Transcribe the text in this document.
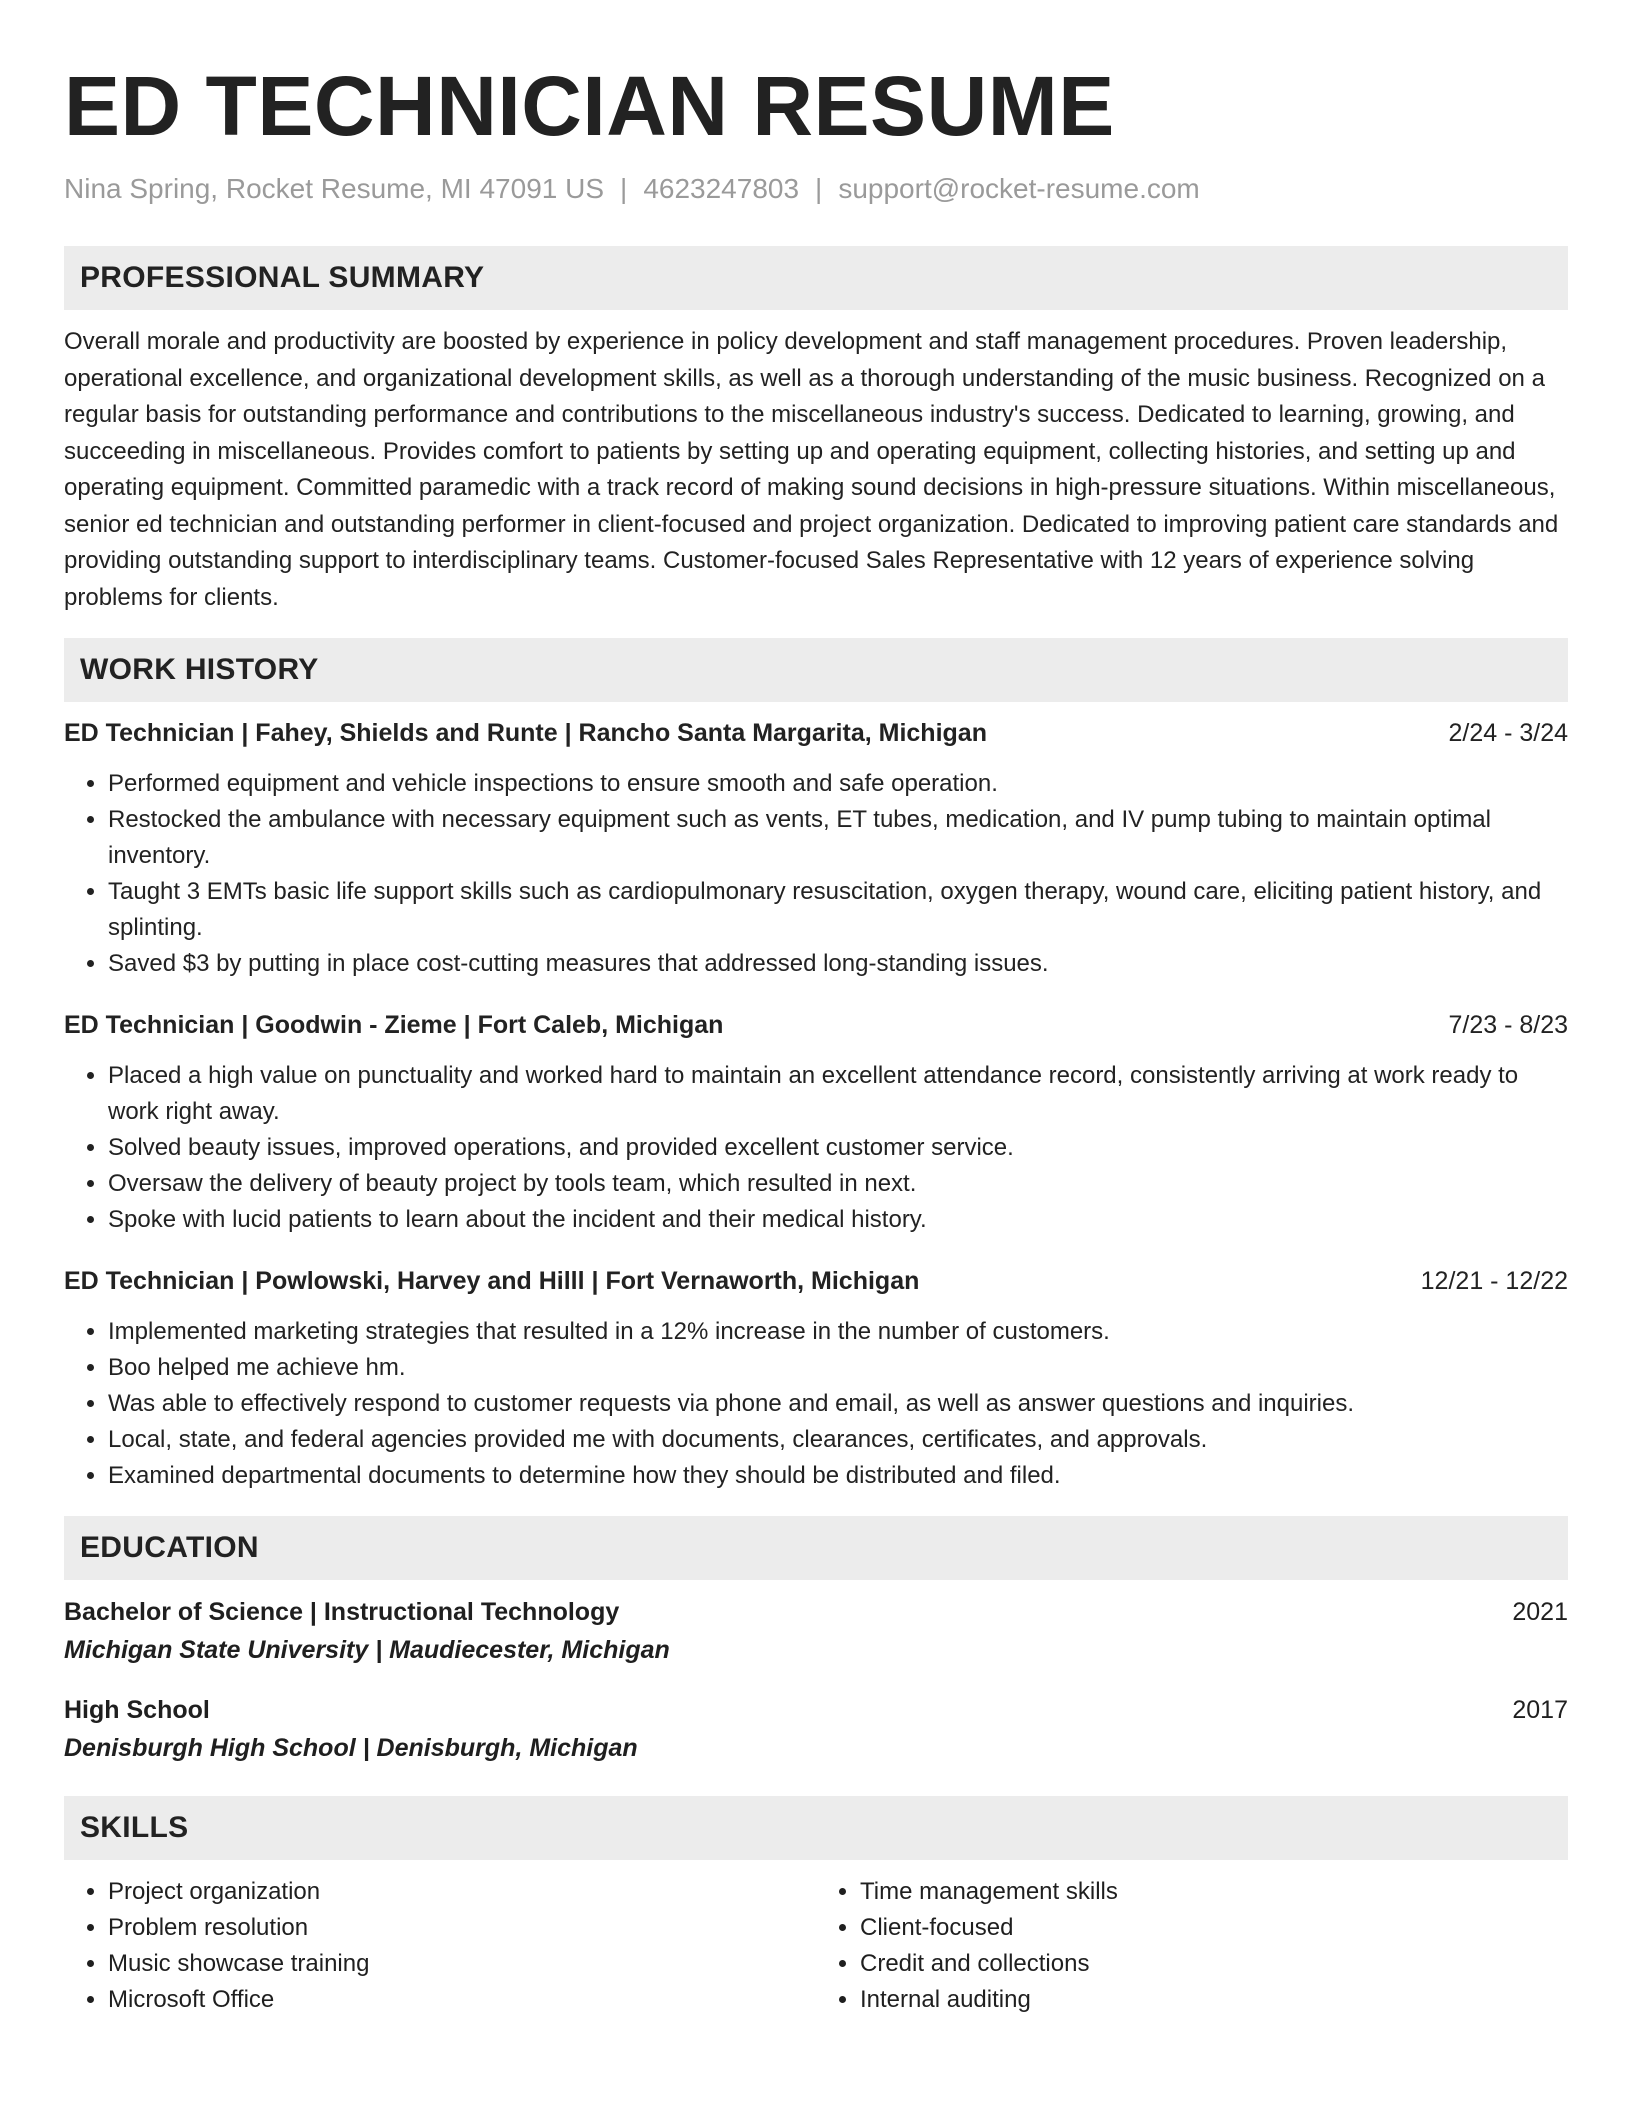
ED TECHNICIAN RESUME
Nina Spring, Rocket Resume, MI 47091 US | 4623247803 | support@rocket-resume.com
PROFESSIONAL SUMMARY

Overall morale and productivity are boosted by experience in policy development and staff management procedures. Proven leadership, operational excellence, and organizational development skills, as well as a thorough understanding of the music business. Recognized on a regular basis for outstanding performance and contributions to the miscellaneous industry's success. Dedicated to learning, growing, and succeeding in miscellaneous. Provides comfort to patients by setting up and operating equipment, collecting histories, and setting up and operating equipment. Committed paramedic with a track record of making sound decisions in high-pressure situations. Within miscellaneous, senior ed technician and outstanding performer in client-focused and project organization. Dedicated to improving patient care standards and providing outstanding support to interdisciplinary teams. Customer-focused Sales Representative with 12 years of experience solving problems for clients.

WORK HISTORY
ED Technician | Fahey, Shields and Runte | Rancho Santa Margarita, Michigan	2/24 - 3/24
• Performed equipment and vehicle inspections to ensure smooth and safe operation.
• Restocked the ambulance with necessary equipment such as vents, ET tubes, medication, and IV pump tubing to maintain optimal inventory.
• Taught 3 EMTs basic life support skills such as cardiopulmonary resuscitation, oxygen therapy, wound care, eliciting patient history, and splinting.
• Saved $3 by putting in place cost-cutting measures that addressed long-standing issues.
ED Technician | Goodwin - Zieme | Fort Caleb, Michigan	7/23 - 8/23
• Placed a high value on punctuality and worked hard to maintain an excellent attendance record, consistently arriving at work ready to work right away.
• Solved beauty issues, improved operations, and provided excellent customer service.
• Oversaw the delivery of beauty project by tools team, which resulted in next.
• Spoke with lucid patients to learn about the incident and their medical history.
ED Technician | Powlowski, Harvey and Hilll | Fort Vernaworth, Michigan	12/21 - 12/22
• Implemented marketing strategies that resulted in a 12% increase in the number of customers.
• Boo helped me achieve hm.
• Was able to effectively respond to customer requests via phone and email, as well as answer questions and inquiries.
• Local, state, and federal agencies provided me with documents, clearances, certificates, and approvals.
• Examined departmental documents to determine how they should be distributed and filed.
EDUCATION
Bachelor of Science | Instructional Technology	2021
Michigan State University | Maudiecester, Michigan
High School	2017
Denisburgh High School | Denisburgh, Michigan
SKILLS
• Project organization
• Problem resolution
• Music showcase training
• Microsoft Office
• Time management skills
• Client-focused
• Credit and collections
• Internal auditing
